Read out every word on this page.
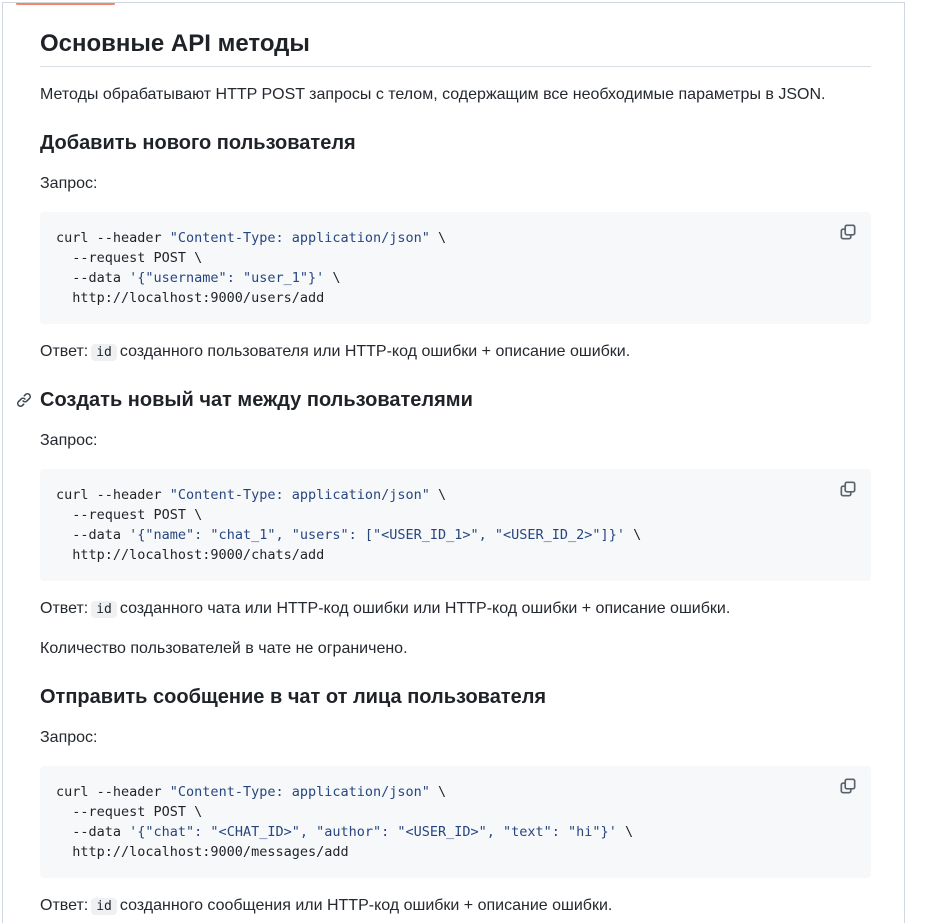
Основные API методы

Методы обрабатывают HTTP POST запросы с телом, содержащим все необходимые параметры в JSON.

Добавить нового пользователя

Запрос:

curl --header "Content-Type: application/json" \
--request POST \
--data '{"username": "user_1"}' \
http://localhost:9000/users/add

Ответ: id созданного пользователя или HTTP-код ошибки + описание ошибки.

Создать новый чат между пользователями

Запрос:

curl --header "Content-Type: application/json" \
--request POST \
--data '{"name": "chat_1", "users": ["<USER_ID_1>", "<USER_ID_2>"]}' \
http://localhost:9000/chats/add

Ответ: id созданного чата или HTTP-код ошибки или HTTP-код ошибки + описание ошибки.

Количество пользователей в чате не ограничено.

Отправить сообщение в чат от лица пользователя

Запрос:

curl --header "Content-Type: application/json" \
--request POST \
--data '{"chat": "<CHAT_ID>", "author": "<USER_ID>", "text": "hi"}' \
http://localhost:9000/messages/add

Ответ: id созданного сообщения или HTTP-код ошибки + описание ошибки.
